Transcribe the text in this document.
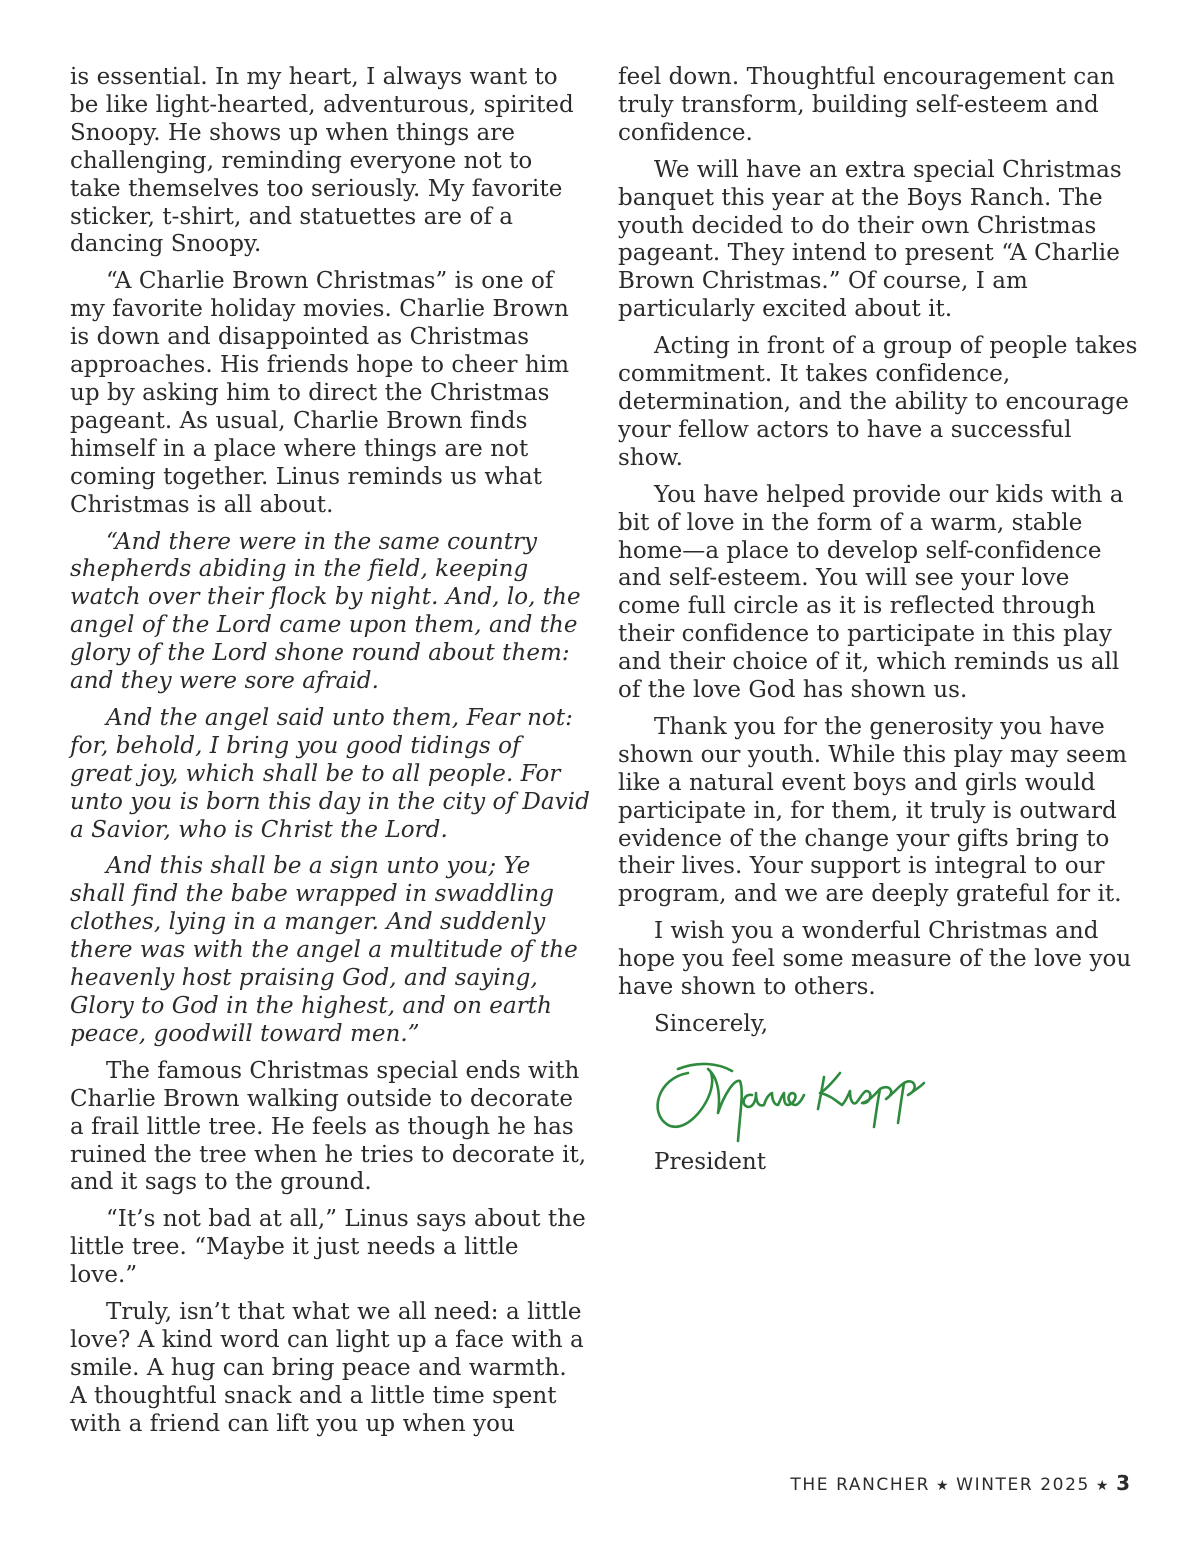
is essential. In my heart, I always want to be like light-hearted, adventurous, spirited Snoopy. He shows up when things are challenging, reminding everyone not to take themselves too seriously. My favorite sticker, t-shirt, and statuettes are of a dancing Snoopy.

“A Charlie Brown Christmas” is one of my favorite holiday movies. Charlie Brown is down and disappointed as Christmas approaches. His friends hope to cheer him up by asking him to direct the Christmas pageant. As usual, Charlie Brown finds himself in a place where things are not coming together. Linus reminds us what Christmas is all about.

“And there were in the same country shepherds abiding in the field, keeping watch over their flock by night. And, lo, the angel of the Lord came upon them, and the glory of the Lord shone round about them: and they were sore afraid.

And the angel said unto them, Fear not: for, behold, I bring you good tidings of great joy, which shall be to all people. For unto you is born this day in the city of David a Savior, who is Christ the Lord.

And this shall be a sign unto you; Ye shall find the babe wrapped in swaddling clothes, lying in a manger. And suddenly there was with the angel a multitude of the heavenly host praising God, and saying, Glory to God in the highest, and on earth peace, goodwill toward men.”

The famous Christmas special ends with Charlie Brown walking outside to decorate a frail little tree. He feels as though he has ruined the tree when he tries to decorate it, and it sags to the ground.

“It’s not bad at all,” Linus says about the little tree. “Maybe it just needs a little love.”

Truly, isn’t that what we all need: a little love? A kind word can light up a face with a smile. A hug can bring peace and warmth. A thoughtful snack and a little time spent with a friend can lift you up when you

feel down. Thoughtful encouragement can truly transform, building self-esteem and confidence.

We will have an extra special Christmas banquet this year at the Boys Ranch. The youth decided to do their own Christmas pageant. They intend to present “A Charlie Brown Christmas.” Of course, I am particularly excited about it.

Acting in front of a group of people takes commitment. It takes confidence, determination, and the ability to encourage your fellow actors to have a successful show.

You have helped provide our kids with a bit of love in the form of a warm, stable home—a place to develop self-confidence and self-esteem. You will see your love come full circle as it is reflected through their confidence to participate in this play and their choice of it, which reminds us all of the love God has shown us.

Thank you for the generosity you have shown our youth. While this play may seem like a natural event boys and girls would participate in, for them, it truly is outward evidence of the change your gifts bring to their lives. Your support is integral to our program, and we are deeply grateful for it.

I wish you a wonderful Christmas and hope you feel some measure of the love you have shown to others.

Sincerely,

President

THE RANCHER ★ WINTER 2025 ★ 3
